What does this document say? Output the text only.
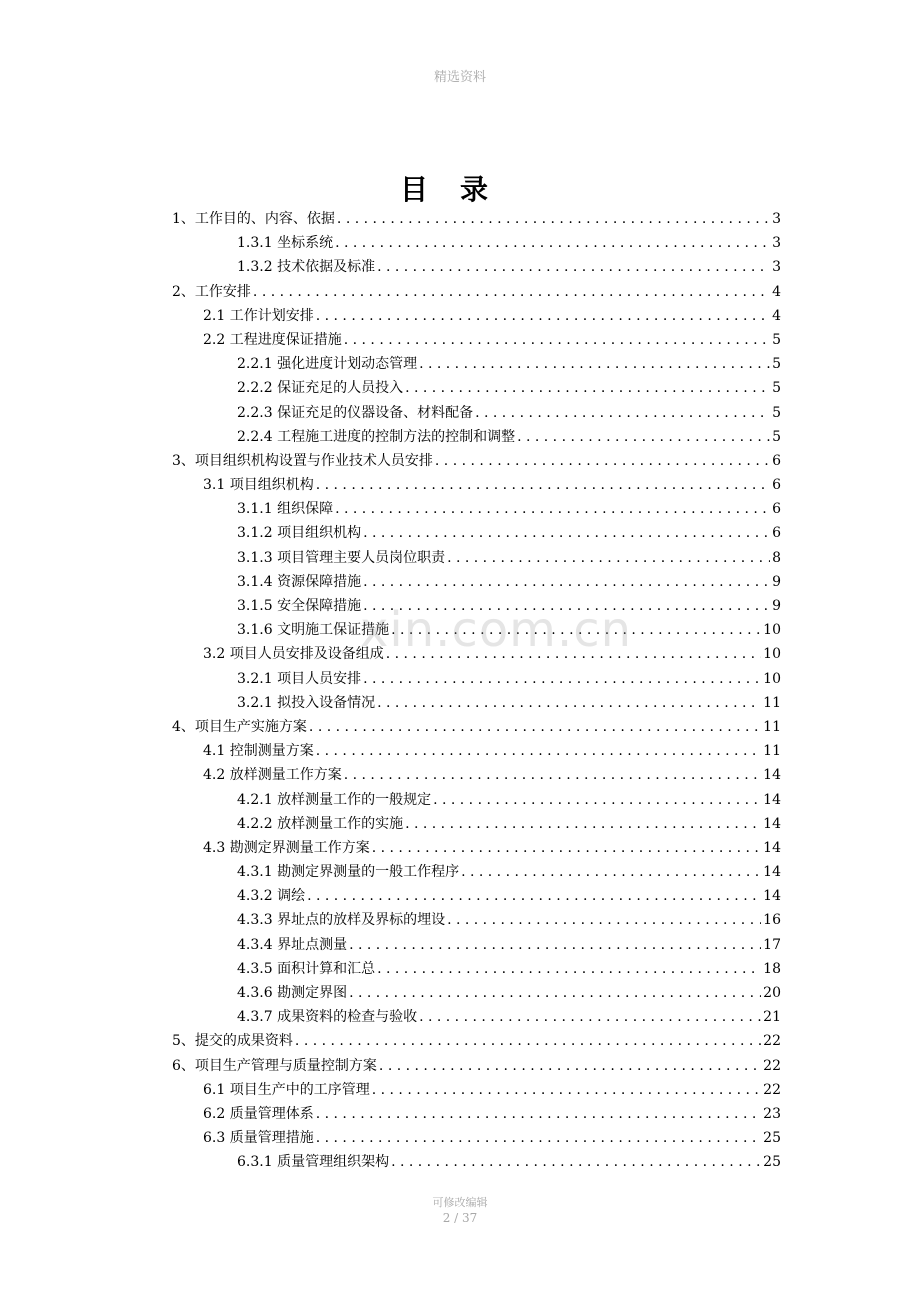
精选资料
目录
1、工作目的、内容、依据 . . .	3
1.3.1 坐标系统 . . .	3
1.3.2 技术依据及标准 . . .	3
2、工作安排 . . .	4
2.1 工作计划安排 . . .	4
2.2 工程进度保证措施 . . .	5
2.2.1 强化进度计划动态管理 . . .	5
2.2.2 保证充足的人员投入 . . .	5
2.2.3 保证充足的仪器设备、材料配备 . . .	5
2.2.4 工程施工进度的控制方法的控制和调整 . . .	5
3、项目组织机构设置与作业技术人员安排 . . .	6
3.1 项目组织机构 . . .	6
3.1.1 组织保障 . . .	6
3.1.2 项目组织机构 . . .	6
3.1.3 项目管理主要人员岗位职责 . . .	8
3.1.4 资源保障措施 . . .	9
3.1.5 安全保障措施 . . .	9
3.1.6 文明施工保证措施 . . .	10
3.2 项目人员安排及设备组成 . . .	10
3.2.1 项目人员安排 . . .	10
3.2.1 拟投入设备情况 . . .	11
4、项目生产实施方案 . . .	11
4.1 控制测量方案 . . .	11
4.2 放样测量工作方案 . . .	14
4.2.1 放样测量工作的一般规定 . . .	14
4.2.2 放样测量工作的实施 . . .	14
4.3 勘测定界测量工作方案 . . .	14
4.3.1 勘测定界测量的一般工作程序 . . .	14
4.3.2 调绘 . . .	14
4.3.3 界址点的放样及界标的埋设 . . .	16
4.3.4 界址点测量 . . .	17
4.3.5 面积计算和汇总 . . .	18
4.3.6 勘测定界图 . . .	20
4.3.7 成果资料的检查与验收 . . .	21
5、提交的成果资料 . . .	22
6、项目生产管理与质量控制方案 . . .	22
6.1 项目生产中的工序管理 . . .	22
6.2 质量管理体系 . . .	23
6.3 质量管理措施 . . .	25
6.3.1 质量管理组织架构 . . .	25
xin.com.cn
可修改编辑
2 / 37
